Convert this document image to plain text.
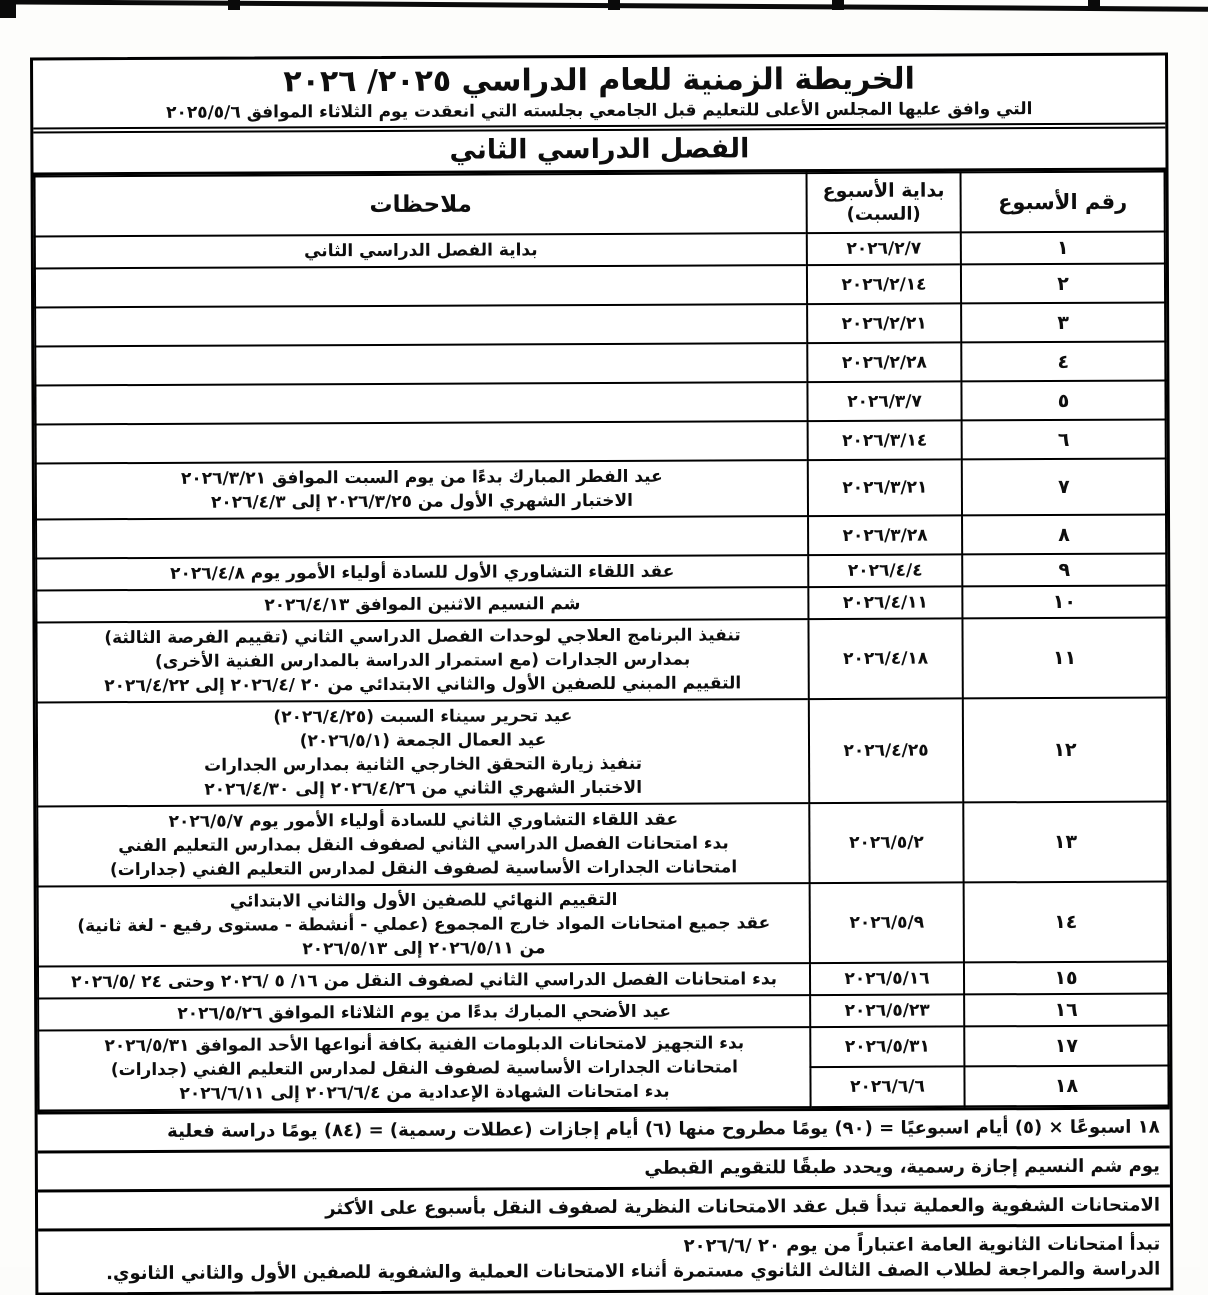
الخريطة الزمنية للعام الدراسي ٢٠٢٥/ ٢٠٢٦
التي وافق عليها المجلس الأعلى للتعليم قبل الجامعي بجلسته التي انعقدت يوم الثلاثاء الموافق ٢٠٢٥/٥/٦
الفصل الدراسي الثاني
رقم الأسبوع	بداية الأسبوع
(السبت)	ملاحظات
١	٢٠٢٦/٢/٧	بداية الفصل الدراسي الثاني

٢	٢٠٢٦/٢/١٤	
٣	٢٠٢٦/٢/٢١	
٤	٢٠٢٦/٢/٢٨	
٥	٢٠٢٦/٣/٧	
٦	٢٠٢٦/٣/١٤	
٧	٢٠٢٦/٣/٢١	عيد الفطر المبارك بدءًا من يوم السبت الموافق ٢٠٢٦/٣/٢١
الاختبار الشهري الأول من ٢٠٢٦/٣/٢٥ إلى ٢٠٢٦/٤/٣

٨	٢٠٢٦/٣/٢٨	
٩	٢٠٢٦/٤/٤	عقد اللقاء التشاوري الأول للسادة أولياء الأمور يوم ٢٠٢٦/٤/٨

١٠	٢٠٢٦/٤/١١	شم النسيم الاثنين الموافق ٢٠٢٦/٤/١٣

١١	٢٠٢٦/٤/١٨	تنفيذ البرنامج العلاجي لوحدات الفصل الدراسي الثاني (تقييم الفرصة الثالثة)
بمدارس الجدارات (مع استمرار الدراسة بالمدارس الفنية الأخرى)
التقييم المبني للصفين الأول والثاني الابتدائي من ٢٠ /٢٠٢٦/٤ إلى ٢٠٢٦/٤/٢٢

١٢	٢٠٢٦/٤/٢٥	عيد تحرير سيناء السبت (٢٠٢٦/٤/٢٥)
عيد العمال الجمعة (٢٠٢٦/٥/١)
تنفيذ زيارة التحقق الخارجي الثانية بمدارس الجدارات
الاختبار الشهري الثاني من ٢٠٢٦/٤/٢٦ إلى ٢٠٢٦/٤/٣٠

١٣	٢٠٢٦/٥/٢	عقد اللقاء التشاوري الثاني للسادة أولياء الأمور يوم ٢٠٢٦/٥/٧
بدء امتحانات الفصل الدراسي الثاني لصفوف النقل بمدارس التعليم الفني
امتحانات الجدارات الأساسية لصفوف النقل لمدارس التعليم الفني (جدارات)

١٤	٢٠٢٦/٥/٩	التقييم النهائي للصفين الأول والثاني الابتدائي
عقد جميع امتحانات المواد خارج المجموع (عملي - أنشطة - مستوى رفيع - لغة ثانية)
من ٢٠٢٦/٥/١١ إلى ٢٠٢٦/٥/١٣

١٥	٢٠٢٦/٥/١٦	بدء امتحانات الفصل الدراسي الثاني لصفوف النقل من ١٦/ ٥ /٢٠٢٦ وحتى ٢٤ /٢٠٢٦/٥

١٦	٢٠٢٦/٥/٢٣	عيد الأضحي المبارك بدءًا من يوم الثلاثاء الموافق ٢٠٢٦/٥/٢٦

١٧	٢٠٢٦/٥/٣١	بدء التجهيز لامتحانات الدبلومات الفنية بكافة أنواعها الأحد الموافق ٢٠٢٦/٥/٣١
امتحانات الجدارات الأساسية لصفوف النقل لمدارس التعليم الفني (جدارات)
بدء امتحانات الشهادة الإعدادية من ٢٠٢٦/٦/٤ إلى ٢٠٢٦/٦/١١

١٨	٢٠٢٦/٦/٦	
١٨ اسبوعًا × (٥) أيام اسبوعيًا = (٩٠) يومًا مطروح منها (٦) أيام إجازات (عطلات رسمية) = (٨٤) يومًا دراسة فعلية
يوم شم النسيم إجازة رسمية، ويحدد طبقًا للتقويم القبطي
الامتحانات الشفوية والعملية تبدأ قبل عقد الامتحانات النظرية لصفوف النقل بأسبوع على الأكثر
تبدأ امتحانات الثانوية العامة اعتباراً من يوم ٢٠ /٢٠٢٦/٦
الدراسة والمراجعة لطلاب الصف الثالث الثانوي مستمرة أثناء الامتحانات العملية والشفوية للصفين الأول والثاني الثانوي.
